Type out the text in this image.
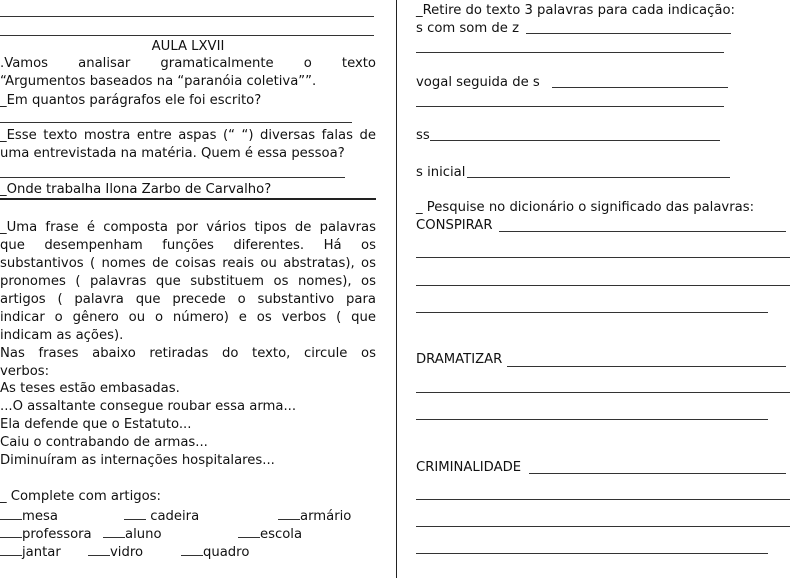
AULA LXVII
.Vamos analisar gramaticalmente o texto
“Argumentos baseados na “paranóia coletiva””.
_Em quantos parágrafos ele foi escrito?
_Esse texto mostra entre aspas (“ “) diversas falas de
uma entrevistada na matéria. Quem é essa pessoa?
_Onde trabalha Ilona Zarbo de Carvalho?
_Uma frase é composta por vários tipos de palavras
que desempenham funções diferentes. Há os
substantivos ( nomes de coisas reais ou abstratas), os
pronomes ( palavras que substituem os nomes), os
artigos ( palavra que precede o substantivo para
indicar o gênero ou o número) e os verbos ( que
indicam as ações).
Nas frases abaixo retiradas do texto, circule os
verbos:
As teses estão embasadas.
...O assaltante consegue roubar essa arma...
Ela defende que o Estatuto...
Caiu o contrabando de armas...
Diminuíram as internações hospitalares...
_ Complete com artigos:
mesa	cadeira	armário
professora	aluno	escola
jantar	vidro	quadro
_Retire do texto 3 palavras para cada indicação:
s com som de z
vogal seguida de s
ss
s inicial
_ Pesquise no dicionário o significado das palavras:
CONSPIRAR
DRAMATIZAR
CRIMINALIDADE
